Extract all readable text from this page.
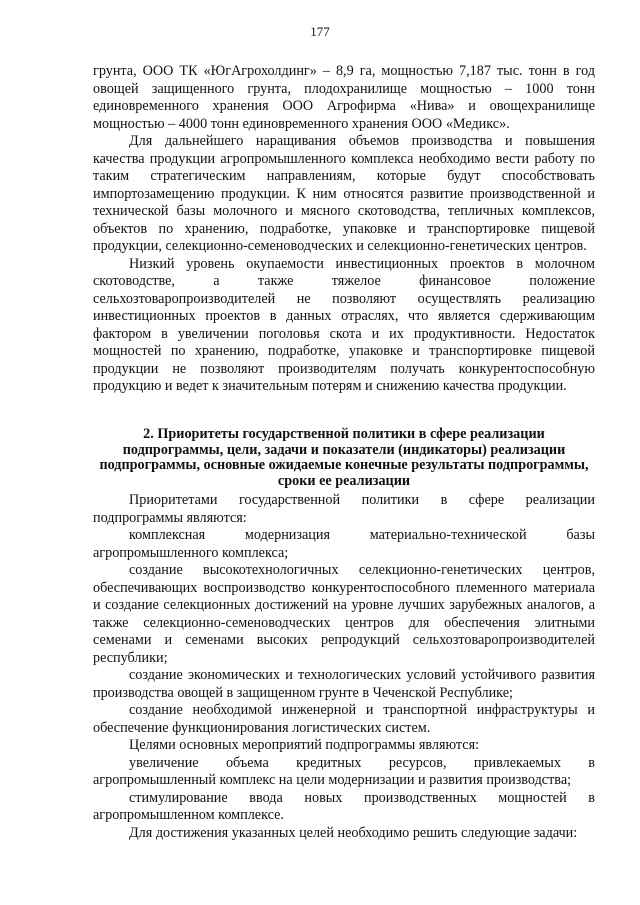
177

грунта, ООО ТК «ЮгАгрохолдинг» – 8,9 га, мощностью 7,187 тыс. тонн в год овощей защищенного грунта, плодохранилище мощностью – 1000 тонн единовременного хранения ООО Агрофирма «Нива» и овощехранилище мощностью – 4000 тонн единовременного хранения ООО «Медикс».

Для дальнейшего наращивания объемов производства и повышения качества продукции агропромышленного комплекса необходимо вести работу по таким стратегическим направлениям, которые будут способствовать импортозамещению продукции. К ним относятся развитие производственной и технической базы молочного и мясного скотоводства, тепличных комплексов, объектов по хранению, подработке, упаковке и транспортировке пищевой продукции, селекционно-семеноводческих и селекционно-генетических центров.

Низкий уровень окупаемости инвестиционных проектов в молочном скотоводстве, а также тяжелое финансовое положение сельхозтоваропроизводителей не позволяют осуществлять реализацию инвестиционных проектов в данных отраслях, что является сдерживающим фактором в увеличении поголовья скота и их продуктивности. Недостаток мощностей по хранению, подработке, упаковке и транспортировке пищевой продукции не позволяют производителям получать конкурентоспособную продукцию и ведет к значительным потерям и снижению качества продукции.

2. Приоритеты государственной политики в сфере реализации подпрограммы, цели, задачи и показатели (индикаторы) реализации подпрограммы, основные ожидаемые конечные результаты подпрограммы, сроки ее реализации

Приоритетами государственной политики в сфере реализации подпрограммы являются:

комплексная модернизация материально-технической базы агропромышленного комплекса;

создание высокотехнологичных селекционно-генетических центров, обеспечивающих воспроизводство конкурентоспособного племенного материала и создание селекционных достижений на уровне лучших зарубежных аналогов, а также селекционно-семеноводческих центров для обеспечения элитными семенами и семенами высоких репродукций сельхозтоваропроизводителей республики;

создание экономических и технологических условий устойчивого развития производства овощей в защищенном грунте в Чеченской Республике;

создание необходимой инженерной и транспортной инфраструктуры и обеспечение функционирования логистических систем.

Целями основных мероприятий подпрограммы являются:

увеличение объема кредитных ресурсов, привлекаемых в агропромышленный комплекс на цели модернизации и развития производства;

стимулирование ввода новых производственных мощностей в агропромышленном комплексе.

Для достижения указанных целей необходимо решить следующие задачи:
